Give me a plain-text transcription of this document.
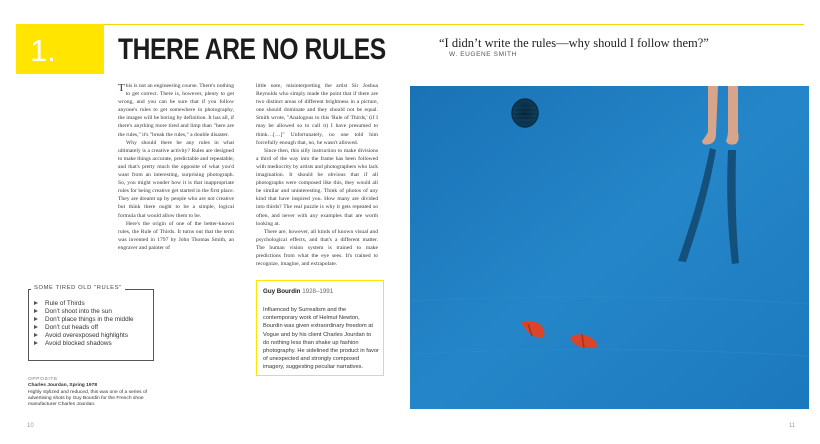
1. THERE ARE NO RULES	“I didn’t write the rules—why should I follow them?”
W. EUGENE SMITH

This is not an engineering course. There's nothing to get correct. There is, however, plenty to get wrong, and you can be sure that if you follow anyone's rules to get somewhere in photography, the images will be boring by definition. It has all, if there's anything more tired and limp than "here are the rules," it's "break the rules," a double disaster.

Why should there be any rules in what ultimately is a creative activity? Rules are designed to make things accurate, predictable and repeatable, and that's pretty much the opposite of what you'd want from an interesting, surprising photograph. So, you might wonder how it is that inappropriate rules for being creative get started in the first place. They are dreamt up by people who are not creative but think there ought to be a simple, logical formula that would allow them to be.

Here's the origin of one of the better-known rules, the Rule of Thirds. It turns out that the term was invented in 1797 by John Thomas Smith, an engraver and painter of

little note, misinterpreting the artist Sir Joshua Reynolds who simply made the point that if there are two distinct areas of different brightness in a picture, one should dominate and they should not be equal. Smith wrote, "Analogous to this 'Rule of Thirds,' (if I may be allowed so to call it) I have presumed to think…[…]" Unfortunately, no one told him forcefully enough that, no, he wasn't allowed.

Since then, this silly instruction to make divisions a third of the way into the frame has been followed with mediocrity by artists and photographers who lack imagination. It should be obvious that if all photographs were composed like this, they would all be similar and uninteresting. Think of photos of any kind that have inspired you. How many are divided into thirds? The real puzzle is why it gets repeated so often, and never with any examples that are worth looking at.

There are, however, all kinds of known visual and psychological effects, and that's a different matter. The human vision system is trained to make predictions from what the eye sees. It's trained to recognize, imagine, and extrapolate.

SOME TIRED OLD "RULES"
Rule of Thirds
Don't shoot into the sun
Don't place things in the middle
Don't cut heads off
Avoid overexposed highlights
Avoid blocked shadows
Guy Bourdin 1928–1991
Influenced by Surrealism and the contemporary work of Helmut Newton, Bourdin was given extraordinary freedom at Vogue and by his client Charles Jourdan to do nothing less than shake up fashion photography. He sidelined the product in favor of unexpected and strongly composed imagery, suggesting peculiar narratives.
OPPOSITE
Charles Jourdan, Spring 1978
Highly stylized and reduced, this was one of a series of advertising shots by Guy Bourdin for the French shoe manufacturer Charles Jourdan.
10	11
